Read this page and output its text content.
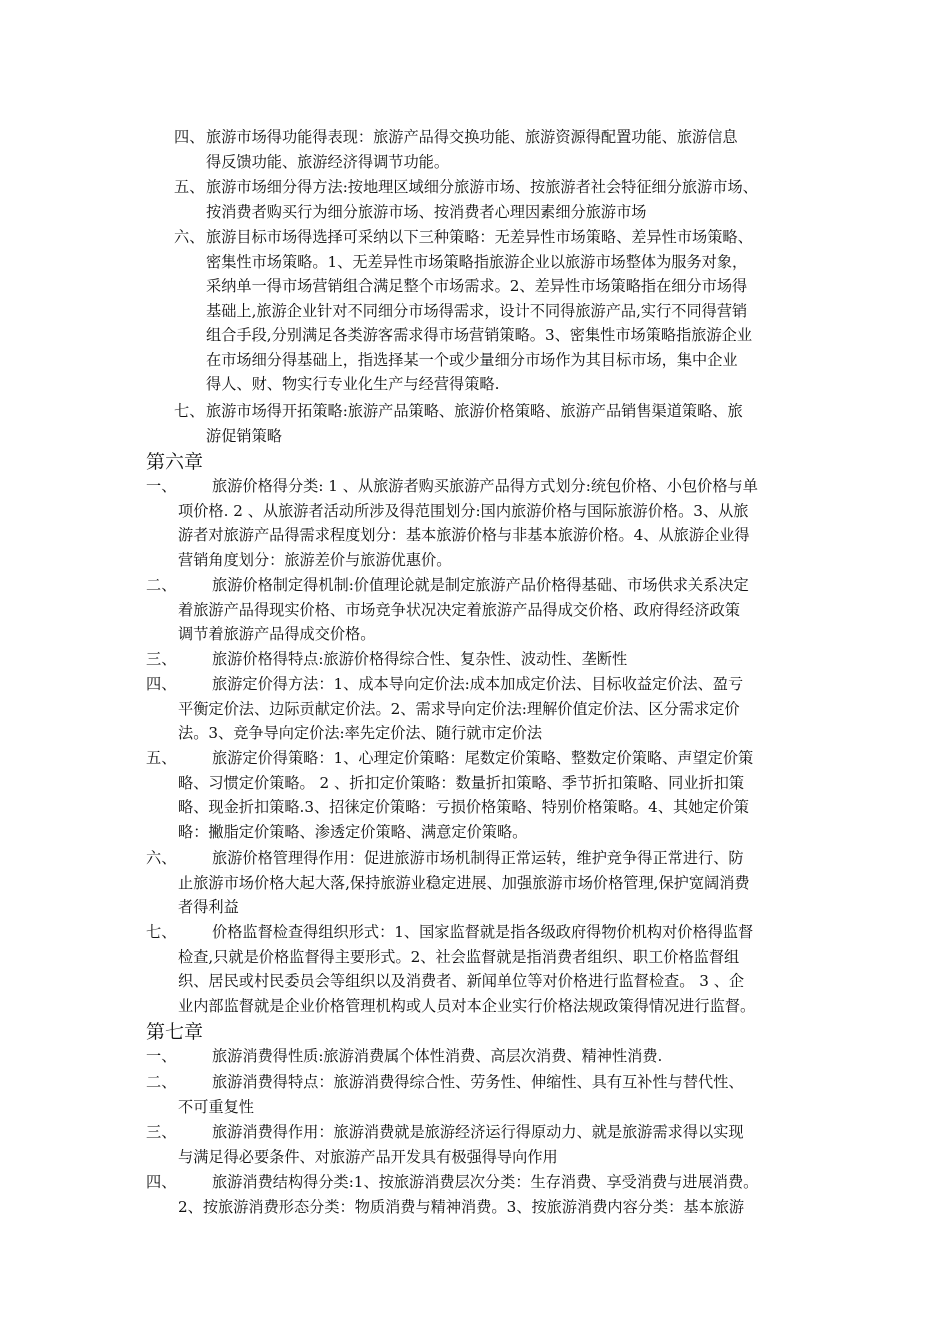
四、 旅游市场得功能得表现：旅游产品得交换功能、旅游资源得配置功能、旅游信息
得反馈功能、旅游经济得调节功能。
五、 旅游市场细分得方法:按地理区域细分旅游市场、按旅游者社会特征细分旅游市场、
按消费者购买行为细分旅游市场、按消费者心理因素细分旅游市场
六、 旅游目标市场得选择可采纳以下三种策略：无差异性市场策略、差异性市场策略、
密集性市场策略。1、无差异性市场策略指旅游企业以旅游市场整体为服务对象，
采纳单一得市场营销组合满足整个市场需求。2、差异性市场策略指在细分市场得
基础上,旅游企业针对不同细分市场得需求，设计不同得旅游产品,实行不同得营销
组合手段,分别满足各类游客需求得市场营销策略。3、密集性市场策略指旅游企业
在市场细分得基础上，指选择某一个或少量细分市场作为其目标市场，集中企业
得人、财、物实行专业化生产与经营得策略.
七、 旅游市场得开拓策略:旅游产品策略、旅游价格策略、旅游产品销售渠道策略、旅
游促销策略
第六章
一、	旅游价格得分类: 1 、从旅游者购买旅游产品得方式划分:统包价格、小包价格与单
项价格. 2 、从旅游者活动所涉及得范围划分:国内旅游价格与国际旅游价格。3、从旅
游者对旅游产品得需求程度划分：基本旅游价格与非基本旅游价格。4、从旅游企业得
营销角度划分：旅游差价与旅游优惠价。
二、	旅游价格制定得机制:价值理论就是制定旅游产品价格得基础、市场供求关系决定
着旅游产品得现实价格、市场竞争状况决定着旅游产品得成交价格、政府得经济政策
调节着旅游产品得成交价格。
三、	旅游价格得特点:旅游价格得综合性、复杂性、波动性、垄断性
四、	旅游定价得方法：1、成本导向定价法:成本加成定价法、目标收益定价法、盈亏
平衡定价法、边际贡献定价法。2、需求导向定价法:理解价值定价法、区分需求定价
法。3、竞争导向定价法:率先定价法、随行就市定价法
五、	旅游定价得策略：1、心理定价策略：尾数定价策略、整数定价策略、声望定价策
略、习惯定价策略。 2 、折扣定价策略：数量折扣策略、季节折扣策略、同业折扣策
略、现金折扣策略.3、招徕定价策略：亏损价格策略、特别价格策略。4、其她定价策
略：撇脂定价策略、渗透定价策略、满意定价策略。
六、	旅游价格管理得作用：促进旅游市场机制得正常运转，维护竞争得正常进行、防
止旅游市场价格大起大落,保持旅游业稳定进展、加强旅游市场价格管理,保护宽阔消费
者得利益
七、	价格监督检查得组织形式：1、国家监督就是指各级政府得物价机构对价格得监督
检查,只就是价格监督得主要形式。2、社会监督就是指消费者组织、职工价格监督组
织、居民或村民委员会等组织以及消费者、新闻单位等对价格进行监督检查。 3 、企
业内部监督就是企业价格管理机构或人员对本企业实行价格法规政策得情况进行监督。
第七章
一、	旅游消费得性质:旅游消费属个体性消费、高层次消费、精神性消费.
二、	旅游消费得特点：旅游消费得综合性、劳务性、伸缩性、具有互补性与替代性、
不可重复性
三、	旅游消费得作用：旅游消费就是旅游经济运行得原动力、就是旅游需求得以实现
与满足得必要条件、对旅游产品开发具有极强得导向作用
四、	旅游消费结构得分类:1、按旅游消费层次分类：生存消费、享受消费与进展消费。
2、按旅游消费形态分类：物质消费与精神消费。3、按旅游消费内容分类：基本旅游
